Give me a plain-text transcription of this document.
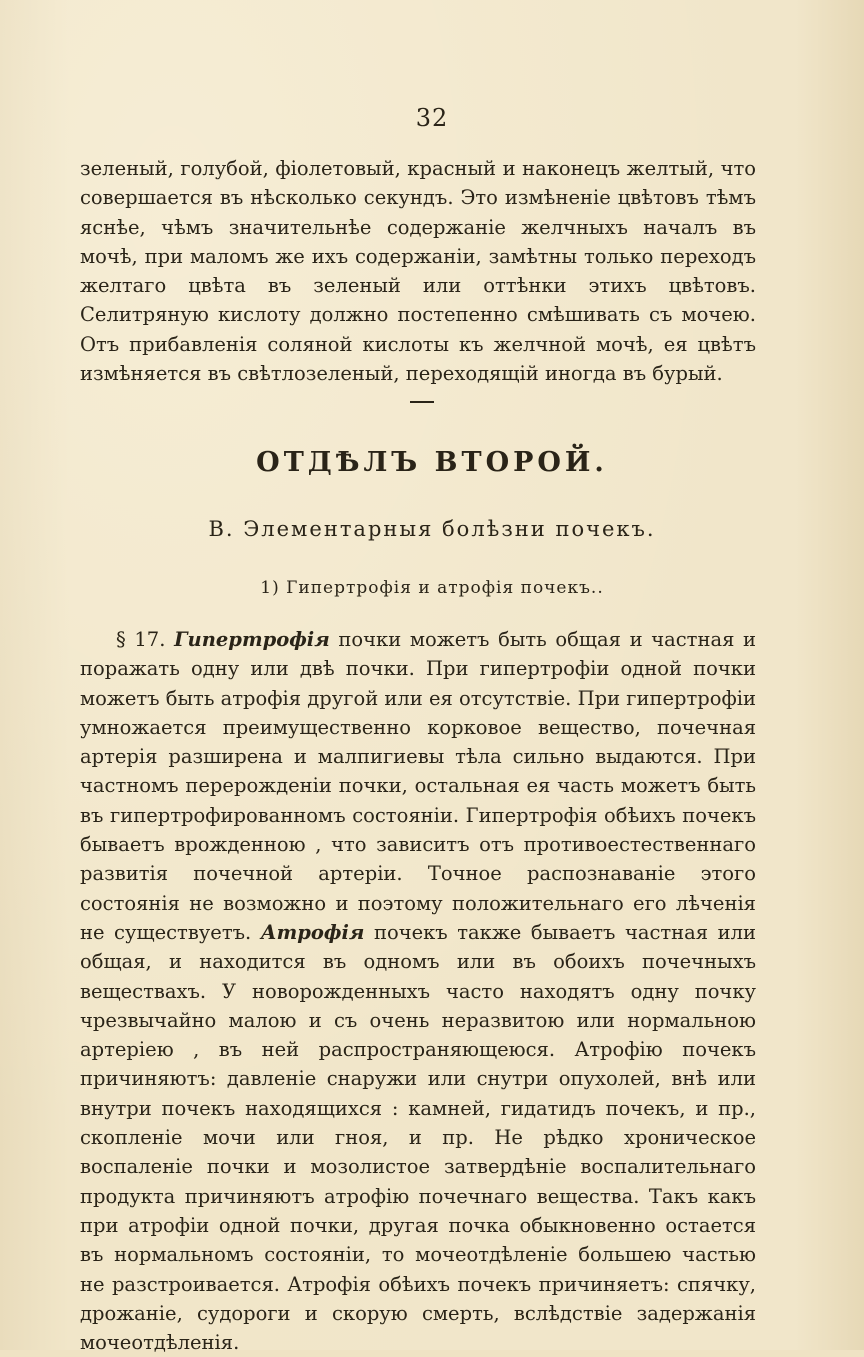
32

зеленый, голубой, фіолетовый, красный и наконецъ желтый, что совершается въ нѣсколько секундъ. Это измѣненіе цвѣтовъ тѣмъ яснѣе, чѣмъ значительнѣе содержаніе желчныхъ началъ въ мочѣ, при маломъ же ихъ содержаніи, замѣтны только переходъ желтаго цвѣта въ зеленый или оттѣнки этихъ цвѣтовъ. Селитряную кислоту должно постепенно смѣшивать съ мочею. Отъ прибавленія соляной кислоты къ желчной мочѣ, ея цвѣтъ измѣняется въ свѣтлозеленый, переходящій иногда въ бурый.

ОТДѢЛЪ ВТОРОЙ.
В. Элементарныя болѣзни почекъ.
1) Гипертрофія и атрофія почекъ..

§ 17. Гипертрофія почки можетъ быть общая и частная и поражать одну или двѣ почки. При гипертрофіи одной почки можетъ быть атрофія другой или ея отсутствіе. При гипертрофіи умножается преимущественно корковое вещество, почечная артерія разширена и малпигиевы тѣла сильно выдаются. При частномъ перерожденіи почки, остальная ея часть можетъ быть въ гипертрофированномъ состояніи. Гипертрофія обѣихъ почекъ бываетъ врожденною , что зависитъ отъ противоестественнаго развитія почечной артеріи. Точное распознаваніе этого состоянія не возможно и поэтому положительнаго его лѣченія не существуетъ. Атрофія почекъ также бываетъ частная или общая, и находится въ одномъ или въ обоихъ почечныхъ веществахъ. У новорожденныхъ часто находятъ одну почку чрезвычайно малою и съ очень неразвитою или нормальною артеріею , въ ней распространяющеюся. Атрофію почекъ причиняютъ: давленіе снаружи или снутри опухолей, внѣ или внутри почекъ находящихся : камней, гидатидъ почекъ, и пр., скопленіе мочи или гноя, и пр. Не рѣдко хроническое воспаленіе почки и мозолистое затвердѣніе воспалительнаго продукта причиняютъ атрофію почечнаго вещества. Такъ какъ при атрофіи одной почки, другая почка обыкновенно остается въ нормальномъ состояніи, то мочеотдѣленіе большею частью не разстроивается. Атрофія обѣихъ почекъ причиняетъ: спячку, дрожаніе, судороги и скорую смерть, вслѣдствіе задержанія мочеотдѣленія.
